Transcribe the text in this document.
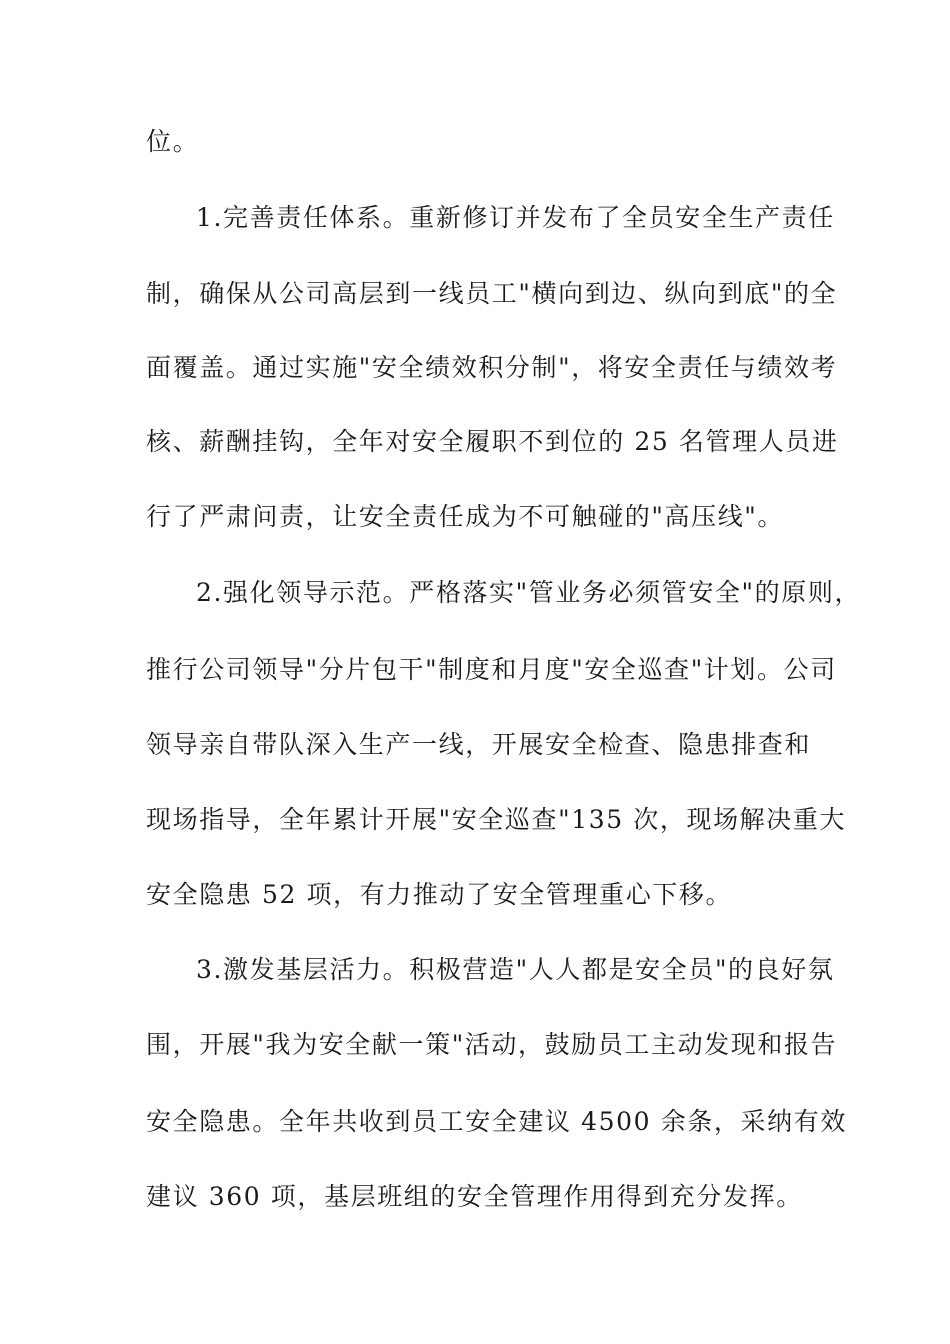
位。
1.完善责任体系。重新修订并发布了全员安全生产责任
制，确保从公司高层到一线员工"横向到边、纵向到底"的全
面覆盖。通过实施"安全绩效积分制"，将安全责任与绩效考
核、薪酬挂钩，全年对安全履职不到位的 25 名管理人员进
行了严肃问责，让安全责任成为不可触碰的"高压线"。
2.强化领导示范。严格落实"管业务必须管安全"的原则，
推行公司领导"分片包干"制度和月度"安全巡查"计划。公司
领导亲自带队深入生产一线，开展安全检查、隐患排查和
现场指导，全年累计开展"安全巡查"135 次，现场解决重大
安全隐患 52 项，有力推动了安全管理重心下移。
3.激发基层活力。积极营造"人人都是安全员"的良好氛
围，开展"我为安全献一策"活动，鼓励员工主动发现和报告
安全隐患。全年共收到员工安全建议 4500 余条，采纳有效
建议 360 项，基层班组的安全管理作用得到充分发挥。
